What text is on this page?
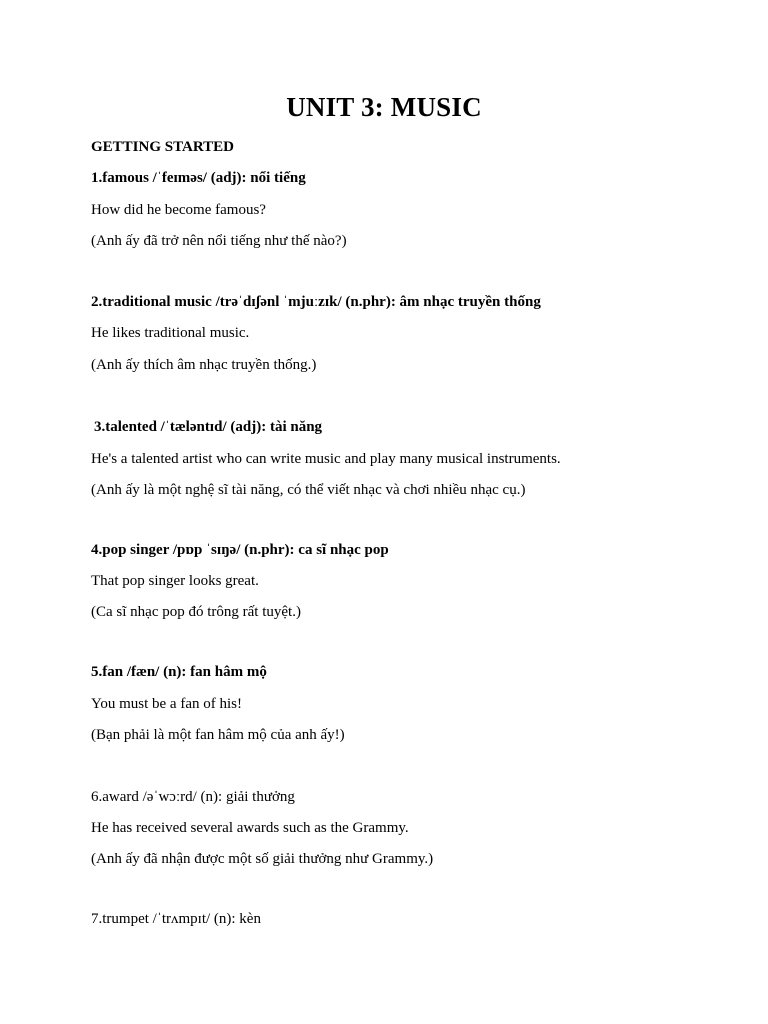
UNIT 3: MUSIC
GETTING STARTED
1.famous /ˈfeɪməs/ (adj): nổi tiếng
How did he become famous?
(Anh ấy đã trở nên nổi tiếng như thế nào?)
2.traditional music /trəˈdɪʃənl ˈmjuːzɪk/ (n.phr): âm nhạc truyền thống
He likes traditional music.
(Anh ấy thích âm nhạc truyền thống.)
3.talented /ˈtæləntɪd/ (adj): tài năng
He's a talented artist who can write music and play many musical instruments.
(Anh ấy là một nghệ sĩ tài năng, có thể viết nhạc và chơi nhiều nhạc cụ.)
4.pop singer /pɒp ˈsɪŋə/ (n.phr): ca sĩ nhạc pop
That pop singer looks great.
(Ca sĩ nhạc pop đó trông rất tuyệt.)
5.fan /fæn/ (n): fan hâm mộ
You must be a fan of his!
(Bạn phải là một fan hâm mộ của anh ấy!)
6.award /əˈwɔːrd/ (n): giải thưởng
He has received several awards such as the Grammy.
(Anh ấy đã nhận được một số giải thưởng như Grammy.)
7.trumpet /ˈtrʌmpɪt/ (n): kèn
